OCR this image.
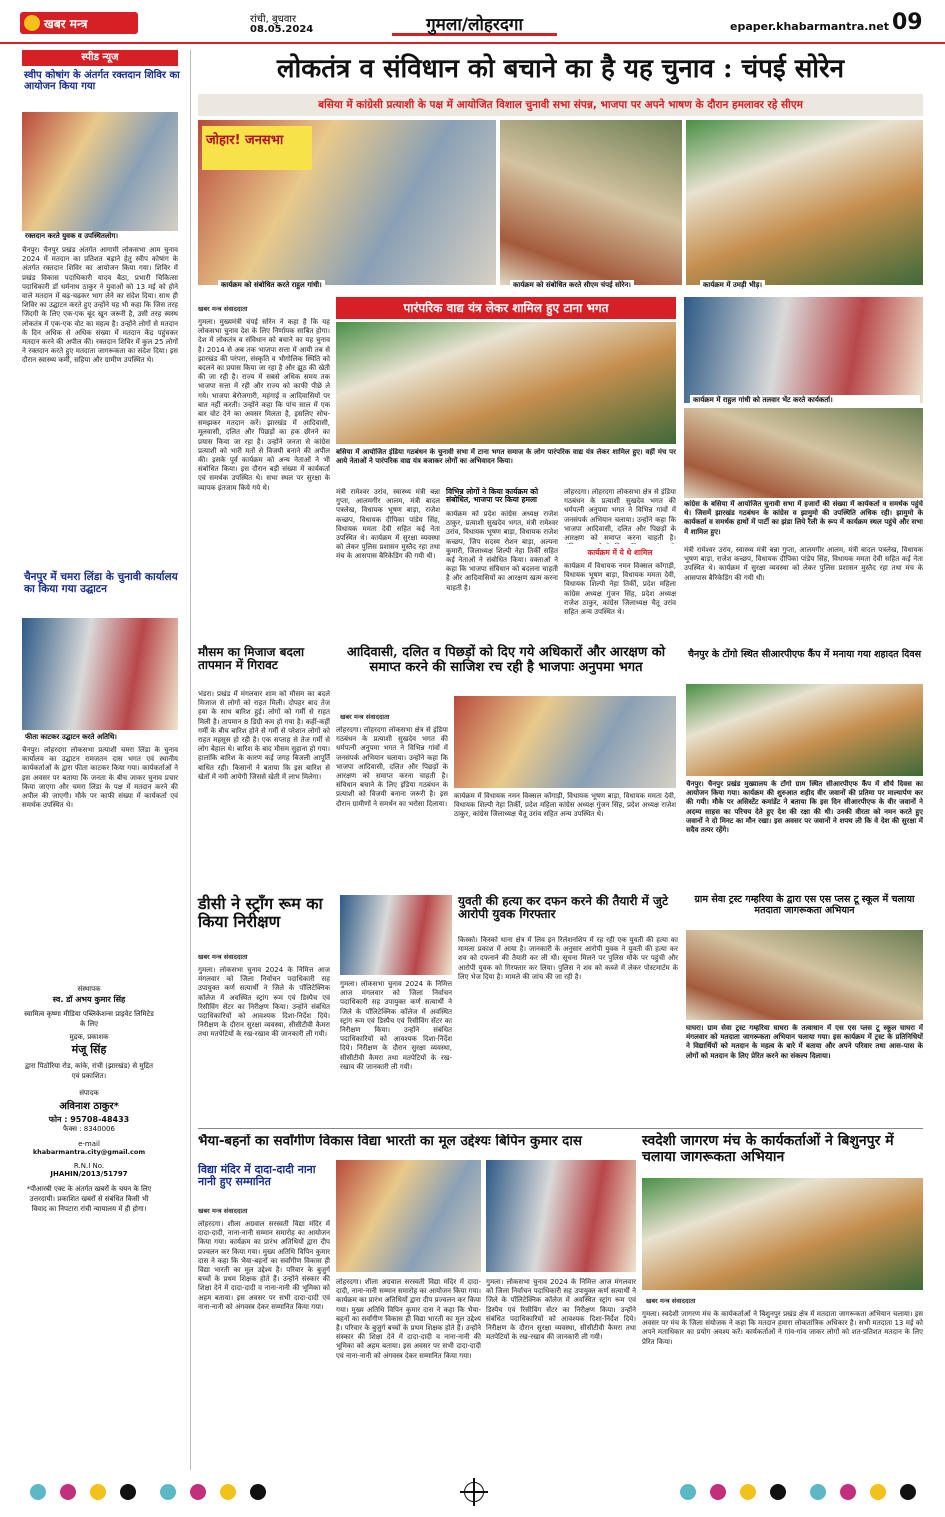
खबर मन्त्र	रांची, बुधवार
08.05.2024	गुमला/लोहरदगा	epaper.khabarmantra.net 09
स्पीड न्यूज
स्वीप कोषांग के अंतर्गत रक्तदान शिविर का आयोजन किया गया
रक्तदान करते युवक व उपस्थितलोग।
चैनपुर। चैनपुर प्रखंड अंतर्गत आगामी लोकसभा आम चुनाव 2024 में मतदान का प्रतिशत बढ़ाने हेतु स्वीप कोषांग के अंतर्गत रक्तदान शिविर का आयोजन किया गया। शिविर में प्रखंड विकास पदाधिकारी यादव बैठा, प्रभारी चिकित्सा पदाधिकारी डॉ धर्मनाथ ठाकुर ने युवाओं को 13 मई को होने वाले मतदान में बढ़-चढ़कर भाग लेने का संदेश दिया। साथ ही शिविर का उद्घाटन करते हुए उन्होंने यह भी कहा कि जिस तरह जिंदगी के लिए एक-एक बूंद खून जरूरी है, उसी तरह स्वस्थ लोकतंत्र में एक-एक वोट का महत्व है। उन्होंने लोगों से मतदान के दिन अधिक से अधिक संख्या में मतदान केंद्र पहुंचकर मतदान करने की अपील की। रक्तदान शिविर में कुल 25 लोगों ने रक्तदान करते हुए मतदाता जागरूकता का संदेश दिया। इस दौरान स्वास्थ्य कर्मी, सहिया और ग्रामीण उपस्थित थे।
चैनपुर में चमरा लिंडा के चुनावी कार्यालय का किया गया उद्घाटन
फीता काटकर उद्घाटन करते अतिथि।
चैनपुर। लोहरदगा लोकसभा प्रत्याशी चमरा लिंडा के चुनाव कार्यालय का उद्घाटन रामजतन दास भगत एवं स्थानीय कार्यकर्ताओं के द्वारा फीता काटकर किया गया। कार्यकर्ताओं ने इस अवसर पर बताया कि जनता के बीच जाकर चुनाव प्रचार किया जाएगा और चमरा लिंडा के पक्ष में मतदान करने की अपील की जाएगी। मौके पर काफी संख्या में कार्यकर्ता एवं समर्थक उपस्थित थे।
संस्थापक
स्व. डॉ अभय कुमार सिंह
स्वामित्व कृष्णा मीडिया पब्लिकेशन्स प्राइवेट लिमिटेड के लिए
मुद्रक, प्रकाशक
मंजू सिंह
द्वारा पिठोरिया रोड, कांके, रांची (झारखंड) से मुद्रित एवं प्रकाशित।
संपादक
अविनाश ठाकुर*
फोन : 95708-48433
फैक्स : 8340006
e-mail
khabarmantra.city@gmail.com
R.N.I No.
JHAHIN/2013/51797
*पीआरबी एक्ट के अंतर्गत खबरों के चयन के लिए उत्तरदायी। प्रकाशित खबरों से संबंधित किसी भी विवाद का निपटारा रांची न्यायालय में ही होगा।
लोकतंत्र व संविधान को बचाने का है यह चुनाव : चंपई सोरेन
बसिया में कांग्रेसी प्रत्याशी के पक्ष में आयोजित विशाल चुनावी सभा संपन्न, भाजपा पर अपने भाषण के दौरान हमलावर रहे सीएम
जोहार! जनसभा
कार्यक्रम को संबोधित करते राहुल गांधी।	कार्यक्रम को संबोधित करते सीएम चंपई सोरेन।	कार्यक्रम में उमड़ी भीड़।
खबर मन्त्र संवाददाता
गुमला। मुख्यमंत्री चंपई सोरेन ने कहा है कि यह लोकसभा चुनाव देश के लिए निर्णायक साबित होगा। देश में लोकतंत्र व संविधान को बचाने का यह चुनाव है। 2014 से अब तक भाजपा सत्ता में आयी तब से झारखंड की परंपरा, संस्कृति व भौगोलिक स्थिति को बदलने का प्रयास किया जा रहा है और झूठ की खेती की जा रही है। राज्य में सबसे अधिक समय तक भाजपा सत्ता में रही और राज्य को काफी पीछे ले गये। भाजपा बेरोजगारी, महंगाई व आदिवासियों पर बात नहीं करती। उन्होंने कहा कि पांच साल में एक बार वोट देने का अवसर मिलता है, इसलिए सोच-समझकर मतदान करें। झारखंड में आदिवासी, मूलवासी, दलित और पिछड़ों का हक छीनने का प्रयास किया जा रहा है। उन्होंने जनता से कांग्रेस प्रत्याशी को भारी मतों से विजयी बनाने की अपील की। इसके पूर्व कार्यक्रम को अन्य नेताओं ने भी संबोधित किया। इस दौरान बड़ी संख्या में कार्यकर्ता एवं समर्थक उपस्थित थे। सभा स्थल पर सुरक्षा के व्यापक इंतजाम किये गये थे।
पारंपरिक वाद्य यंत्र लेकर शामिल हुए टाना भगत
बसिया में आयोजित इंडिया गठबंधन के चुनावी सभा में टाना भगत समाज के लोग पारंपरिक वाद्य यंत्र लेकर शामिल हुए। वहीं मंच पर आये नेताओं ने पारंपरिक वाद्य यंत्र बजाकर लोगों का अभिवादन किया।
मंत्री रामेश्वर उरांव, स्वास्थ्य मंत्री बन्ना गुप्ता, आलमगीर आलम, मंत्री बादल पत्रलेख, विधायक भूषण बाड़ा, राजेश कच्छप, विधायक दीपिका पांडेय सिंह, विधायक ममता देवी सहित कई नेता उपस्थित थे। कार्यक्रम में सुरक्षा व्यवस्था को लेकर पुलिस प्रशासन मुस्तैद रहा तथा मंच के आसपास बैरिकेडिंग की गयी थी।
विभिन्न लोगों ने किया कार्यक्रम को संबोधित, भाजपा पर किया हमला
कार्यक्रम को प्रदेश कांग्रेस अध्यक्ष राजेश ठाकुर, प्रत्याशी सुखदेव भगत, मंत्री रामेश्वर उरांव, विधायक भूषण बाड़ा, विधायक राजेश कच्छप, जिप सदस्य रोशन बाड़ा, अल्पना कुमारी, जिलाध्यक्ष शिल्पी नेहा तिर्की सहित कई नेताओं ने संबोधित किया। वक्ताओं ने कहा कि भाजपा संविधान को बदलना चाहती है और आदिवासियों का आरक्षण खत्म करना चाहती है।
लोहरदगा। लोहरदगा लोकसभा क्षेत्र से इंडिया गठबंधन के प्रत्याशी सुखदेव भगत की धर्मपत्नी अनुपमा भगत ने विभिन्न गांवों में जनसंपर्क अभियान चलाया। उन्होंने कहा कि भाजपा आदिवासी, दलित और पिछड़ों के आरक्षण को समाप्त करना चाहती है।
कार्यक्रम में ये थे शामिल
कार्यक्रम में विधायक नमन विक्सल कोंगाड़ी, विधायक भूषण बाड़ा, विधायक ममता देवी, विधायक शिल्पी नेहा तिर्की, प्रदेश महिला कांग्रेस अध्यक्ष गुंजन सिंह, प्रदेश अध्यक्ष राजेश ठाकुर, कांग्रेस जिलाध्यक्ष चैतू उरांव सहित अन्य उपस्थित थे।
कार्यक्रम में राहुल गांधी को तलवार भेंट करते कार्यकर्ता।
कांग्रेस के बसिया में आयोजित चुनावी सभा में हजारों की संख्या में कार्यकर्ता व समर्थक पहुंचे थे। जिसमें झारखंड गठबंधन के कांग्रेस व झामुमो की उपस्थिति अधिक रही। झामुमो के कार्यकर्ता व समर्थक हाथों में पार्टी का झंडा लिये रैली के रूप में कार्यक्रम स्थल पहुंचे और सभा में शामिल हुए।
मंत्री रामेश्वर उरांव, स्वास्थ्य मंत्री बन्ना गुप्ता, आलमगीर आलम, मंत्री बादल पत्रलेख, विधायक भूषण बाड़ा, राजेश कच्छप, विधायक दीपिका पांडेय सिंह, विधायक ममता देवी सहित कई नेता उपस्थित थे। कार्यक्रम में सुरक्षा व्यवस्था को लेकर पुलिस प्रशासन मुस्तैद रहा तथा मंच के आसपास बैरिकेडिंग की गयी थी।
मौसम का मिजाज बदला तापमान में गिरावट
भंडरा। प्रखंड में मंगलवार शाम को मौसम का बदले मिजाज से लोगों को राहत मिली। दोपहर बाद तेज हवा के साथ बारिश हुई। लोगों को गर्मी से राहत मिली है। तापमान 8 डिग्री कम हो गया है। कहीं-कहीं गर्मी के बीच बारिश होने से गर्मी से परेशान लोगों को राहत महसूस हो रही है। एक सप्ताह से तेज गर्मी से लोग बेहाल थे। बारिश के बाद मौसम सुहाना हो गया। हालांकि बारिश के कारण कई जगह बिजली आपूर्ति बाधित रही। किसानों ने बताया कि इस बारिश से खेतों में नमी आयेगी जिससे खेती में लाभ मिलेगा।
आदिवासी, दलित व पिछड़ों को दिए गये अधिकारों और आरक्षण को समाप्त करने की साजिश रच रही है भाजपाः अनुपमा भगत
खबर मन्त्र संवाददाता
लोहरदगा। लोहरदगा लोकसभा क्षेत्र से इंडिया गठबंधन के प्रत्याशी सुखदेव भगत की धर्मपत्नी अनुपमा भगत ने विभिन्न गांवों में जनसंपर्क अभियान चलाया। उन्होंने कहा कि भाजपा आदिवासी, दलित और पिछड़ों के आरक्षण को समाप्त करना चाहती है। संविधान बचाने के लिए इंडिया गठबंधन के प्रत्याशी को विजयी बनाना जरूरी है। इस दौरान ग्रामीणों ने समर्थन का भरोसा दिलाया।
कार्यक्रम में विधायक नमन विक्सल कोंगाड़ी, विधायक भूषण बाड़ा, विधायक ममता देवी, विधायक शिल्पी नेहा तिर्की, प्रदेश महिला कांग्रेस अध्यक्ष गुंजन सिंह, प्रदेश अध्यक्ष राजेश ठाकुर, कांग्रेस जिलाध्यक्ष चैतू उरांव सहित अन्य उपस्थित थे।
चैनपुर के टोंगो स्थित सीआरपीएफ कैंप में मनाया गया शहादत दिवस
चैनपुर। चैनपुर प्रखंड मुख्यालय के टोंगो ग्राम स्थित सीआरपीएफ कैंप में शौर्य दिवस का आयोजन किया गया। कार्यक्रम की शुरुआत शहीद वीर जवानों की प्रतिमा पर माल्यार्पण कर की गयी। मौके पर असिस्टेंट कमांडेंट ने बताया कि इस दिन सीआरपीएफ के वीर जवानों ने अदम्य साहस का परिचय देते हुए देश की रक्षा की थी। उनकी वीरता को नमन करते हुए जवानों ने दो मिनट का मौन रखा। इस अवसर पर जवानों ने शपथ ली कि वे देश की सुरक्षा में सदैव तत्पर रहेंगे।
डीसी ने स्ट्रॉंग रूम का किया निरीक्षण
खबर मन्त्र संवाददाता
गुमला। लोकसभा चुनाव 2024 के निमित्त आज मंगलवार को जिला निर्वाचन पदाधिकारी सह उपायुक्त कर्ण सत्यार्थी ने जिले के पॉलिटेक्निक कॉलेज में अवस्थित स्ट्रांग रूम एवं डिस्पैच एवं रिसीविंग सेंटर का निरीक्षण किया। उन्होंने संबंधित पदाधिकारियों को आवश्यक दिशा-निर्देश दिये। निरीक्षण के दौरान सुरक्षा व्यवस्था, सीसीटीवी कैमरा तथा मतपेटियों के रख-रखाव की जानकारी ली गयी।
गुमला। लोकसभा चुनाव 2024 के निमित्त आज मंगलवार को जिला निर्वाचन पदाधिकारी सह उपायुक्त कर्ण सत्यार्थी ने जिले के पॉलिटेक्निक कॉलेज में अवस्थित स्ट्रांग रूम एवं डिस्पैच एवं रिसीविंग सेंटर का निरीक्षण किया। उन्होंने संबंधित पदाधिकारियों को आवश्यक दिशा-निर्देश दिये। निरीक्षण के दौरान सुरक्षा व्यवस्था, सीसीटीवी कैमरा तथा मतपेटियों के रख-रखाव की जानकारी ली गयी।
युवती की हत्या कर दफन करने की तैयारी में जुटे आरोपी युवक गिरफ्तार
किस्को। किस्को थाना क्षेत्र में लिव इन रिलेशनशिप में रह रही एक युवती की हत्या का मामला प्रकाश में आया है। जानकारी के अनुसार आरोपी युवक ने युवती की हत्या कर शव को दफनाने की तैयारी कर ली थी। सूचना मिलने पर पुलिस मौके पर पहुंची और आरोपी युवक को गिरफ्तार कर लिया। पुलिस ने शव को कब्जे में लेकर पोस्टमार्टम के लिए भेज दिया है। मामले की जांच की जा रही है।
ग्राम सेवा ट्रस्ट गम्हरिया के द्वारा एस एस प्लस टू स्कूल में चलाया मतदाता जागरूकता अभियान
घाघरा। ग्राम सेवा ट्रस्ट गम्हरिया घाघरा के तत्वाधान में एस एस प्लस टू स्कूल घाघरा में मंगलवार को मतदाता जागरूकता अभियान चलाया गया। इस कार्यक्रम में ट्रस्ट के प्रतिनिधियों ने विद्यार्थियों को मतदान के महत्व के बारे में बताया और अपने परिवार तथा आस-पास के लोगों को मतदान के लिए प्रेरित करने का संकल्प दिलाया।
भैया-बहनों का सर्वांगीण विकास विद्या भारती का मूल उद्देश्यः बिपिन कुमार दास
विद्या मंदिर में दादा-दादी नाना नानी हुए सम्मानित
खबर मन्त्र संवाददाता
लोहरदगा। शीला अग्रवाल सरस्वती विद्या मंदिर में दादा-दादी, नाना-नानी सम्मान समारोह का आयोजन किया गया। कार्यक्रम का प्रारंभ अतिथियों द्वारा दीप प्रज्वलन कर किया गया। मुख्य अतिथि विपिन कुमार दास ने कहा कि भैया-बहनों का सर्वांगीण विकास ही विद्या भारती का मूल उद्देश्य है। परिवार के बुजुर्ग बच्चों के प्रथम शिक्षक होते हैं। उन्होंने संस्कार की शिक्षा देने में दादा-दादी व नाना-नानी की भूमिका को अहम बताया। इस अवसर पर सभी दादा-दादी एवं नाना-नानी को अंगवस्त्र देकर सम्मानित किया गया।
लोहरदगा। शीला अग्रवाल सरस्वती विद्या मंदिर में दादा-दादी, नाना-नानी सम्मान समारोह का आयोजन किया गया। कार्यक्रम का प्रारंभ अतिथियों द्वारा दीप प्रज्वलन कर किया गया। मुख्य अतिथि विपिन कुमार दास ने कहा कि भैया-बहनों का सर्वांगीण विकास ही विद्या भारती का मूल उद्देश्य है। परिवार के बुजुर्ग बच्चों के प्रथम शिक्षक होते हैं। उन्होंने संस्कार की शिक्षा देने में दादा-दादी व नाना-नानी की भूमिका को अहम बताया। इस अवसर पर सभी दादा-दादी एवं नाना-नानी को अंगवस्त्र देकर सम्मानित किया गया।
गुमला। लोकसभा चुनाव 2024 के निमित्त आज मंगलवार को जिला निर्वाचन पदाधिकारी सह उपायुक्त कर्ण सत्यार्थी ने जिले के पॉलिटेक्निक कॉलेज में अवस्थित स्ट्रांग रूम एवं डिस्पैच एवं रिसीविंग सेंटर का निरीक्षण किया। उन्होंने संबंधित पदाधिकारियों को आवश्यक दिशा-निर्देश दिये। निरीक्षण के दौरान सुरक्षा व्यवस्था, सीसीटीवी कैमरा तथा मतपेटियों के रख-रखाव की जानकारी ली गयी।
स्वदेशी जागरण मंच के कार्यकर्ताओं ने बिशुनपुर में चलाया जागरूकता अभियान
खबर मन्त्र संवाददाता
गुमला। स्वदेशी जागरण मंच के कार्यकर्ताओं ने बिशुनपुर प्रखंड क्षेत्र में मतदाता जागरूकता अभियान चलाया। इस अवसर पर मंच के जिला संयोजक ने कहा कि मतदान हमारा लोकतांत्रिक अधिकार है। सभी मतदाता 13 मई को अपने मताधिकार का प्रयोग अवश्य करें। कार्यकर्ताओं ने गांव-गांव जाकर लोगों को शत-प्रतिशत मतदान के लिए प्रेरित किया।
